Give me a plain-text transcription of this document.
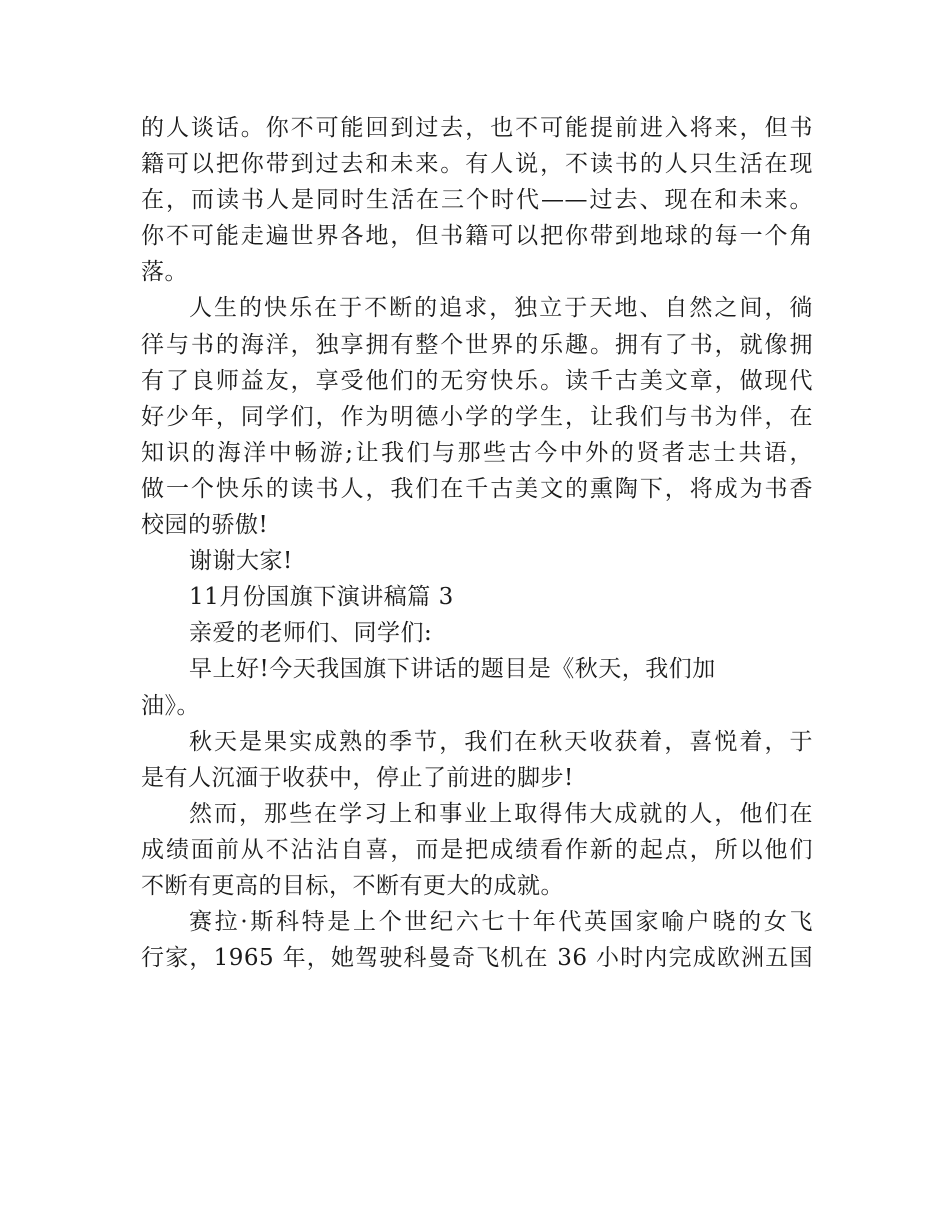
的人谈话。你不可能回到过去，也不可能提前进入将来，但书
籍可以把你带到过去和未来。有人说，不读书的人只生活在现
在，而读书人是同时生活在三个时代——过去、现在和未来。
你不可能走遍世界各地，但书籍可以把你带到地球的每一个角
落。
人生的快乐在于不断的追求，独立于天地、自然之间，徜
徉与书的海洋，独享拥有整个世界的乐趣。拥有了书，就像拥
有了良师益友，享受他们的无穷快乐。读千古美文章，做现代
好少年，同学们，作为明德小学的学生，让我们与书为伴，在
知识的海洋中畅游;让我们与那些古今中外的贤者志士共语，
做一个快乐的读书人，我们在千古美文的熏陶下，将成为书香
校园的骄傲!
谢谢大家!
11月份国旗下演讲稿篇 3
亲爱的老师们、同学们:
早上好!今天我国旗下讲话的题目是《秋天，我们加
油》。
秋天是果实成熟的季节，我们在秋天收获着，喜悦着，于
是有人沉湎于收获中，停止了前进的脚步!
然而，那些在学习上和事业上取得伟大成就的人，他们在
成绩面前从不沾沾自喜，而是把成绩看作新的起点，所以他们
不断有更高的目标，不断有更大的成就。
赛拉·斯科特是上个世纪六七十年代英国家喻户晓的女飞
行家，1965 年，她驾驶科曼奇飞机在 36 小时内完成欧洲五国
